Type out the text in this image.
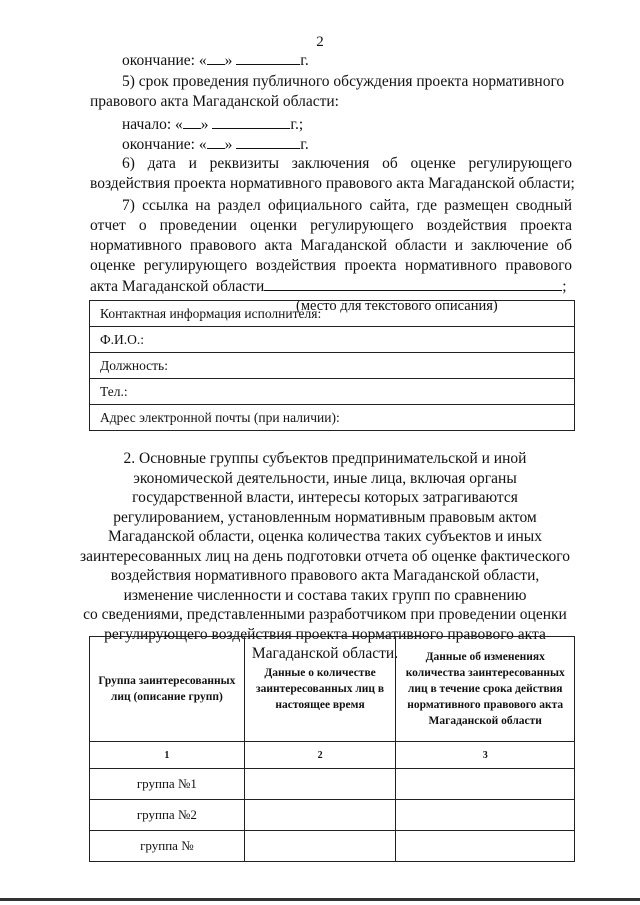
2
окончание: « »	г.
5) срок проведения публичного обсуждения проекта нормативного
правового акта Магаданской области:
начало: « »	г.;
окончание: « »	г.
6) дата и реквизиты заключения об оценке регулирующего
воздействия проекта нормативного правового акта Магаданской области;
7) ссылка на раздел официального сайта, где размещен сводный
отчет о проведении оценки регулирующего воздействия проекта
нормативного правового акта Магаданской области и заключение об
оценке регулирующего воздействия проекта нормативного правового
акта Магаданской области	;
(место для текстового описания)
Контактная информация исполнителя:
Ф.И.О.:
Должность:
Тел.:
Адрес электронной почты (при наличии):
2. Основные группы субъектов предпринимательской и иной
экономической деятельности, иные лица, включая органы
государственной власти, интересы которых затрагиваются
регулированием, установленным нормативным правовым актом
Магаданской области, оценка количества таких субъектов и иных
заинтересованных лиц на день подготовки отчета об оценке фактического
воздействия нормативного правового акта Магаданской области,
изменение численности и состава таких групп по сравнению
со сведениями, представленными разработчиком при проведении оценки
регулирующего воздействия проекта нормативного правового акта
Магаданской области.
Группа заинтересованных лиц (описание групп)	Данные о количестве заинтересованных лиц в настоящее время	Данные об изменениях количества заинтересованных лиц в течение срока действия нормативного правового акта Магаданской области
1	2	3
группа №1		
группа №2		
группа №		
